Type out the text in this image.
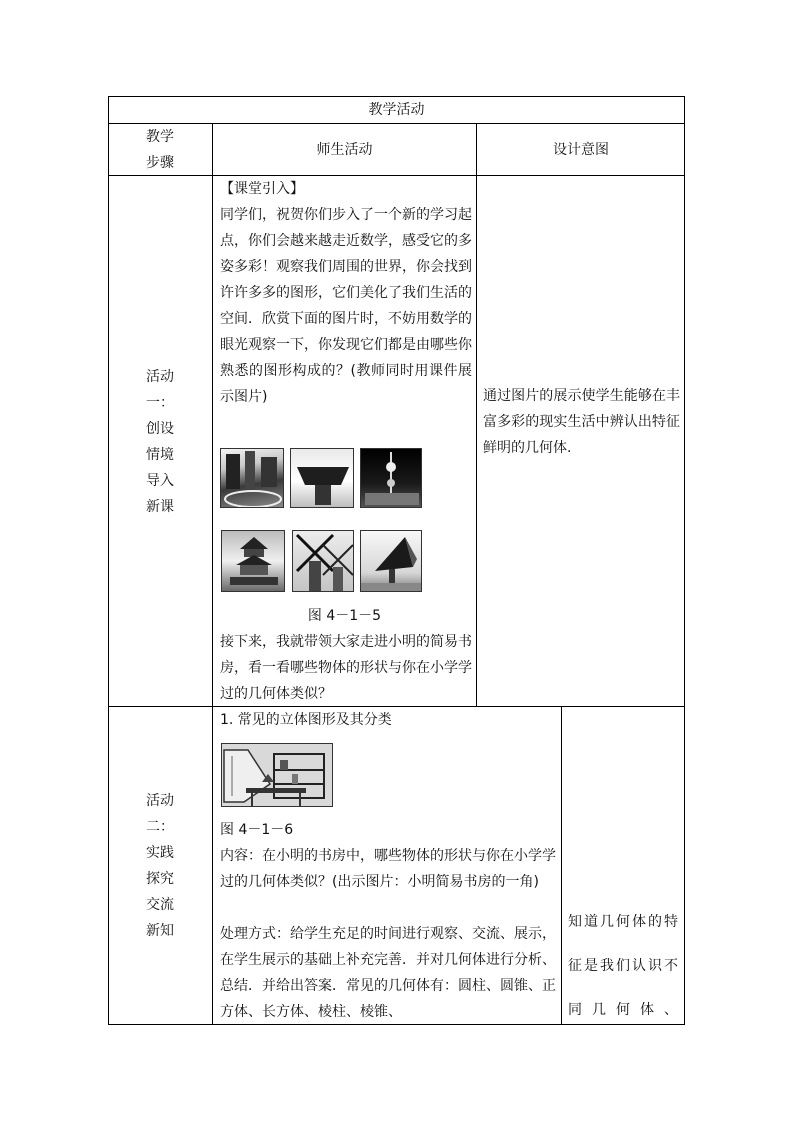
教学活动
教学
步骤
师生活动	设计意图
活动
一：
创设
情境
导入
新课
【课堂引入】
同学们，祝贺你们步入了一个新的学习起点，你们会越来越走近数学，感受它的多姿多彩！观察我们周围的世界，你会找到许许多多的图形，它们美化了我们生活的空间．欣赏下面的图片时，不妨用数学的眼光观察一下，你发现它们都是由哪些你熟悉的图形构成的？(教师同时用课件展示图片)
图 4－1－5
接下来，我就带领大家走进小明的简易书房，看一看哪些物体的形状与你在小学学过的几何体类似？
通过图片的展示使学生能够在丰富多彩的现实生活中辨认出特征鲜明的几何体.
活动
二：
实践
探究
交流
新知
1. 常见的立体图形及其分类
图 4－1－6
内容：在小明的书房中，哪些物体的形状与你在小学学过的几何体类似？(出示图片：小明简易书房的一角)
处理方式：给学生充足的时间进行观察、交流、展示，在学生展示的基础上补充完善．并对几何体进行分析、总结．并给出答案．常见的几何体有：圆柱、圆锥、正方体、长方体、棱柱、棱锥、
知道几何体的特征是我们认识不同几何体、
